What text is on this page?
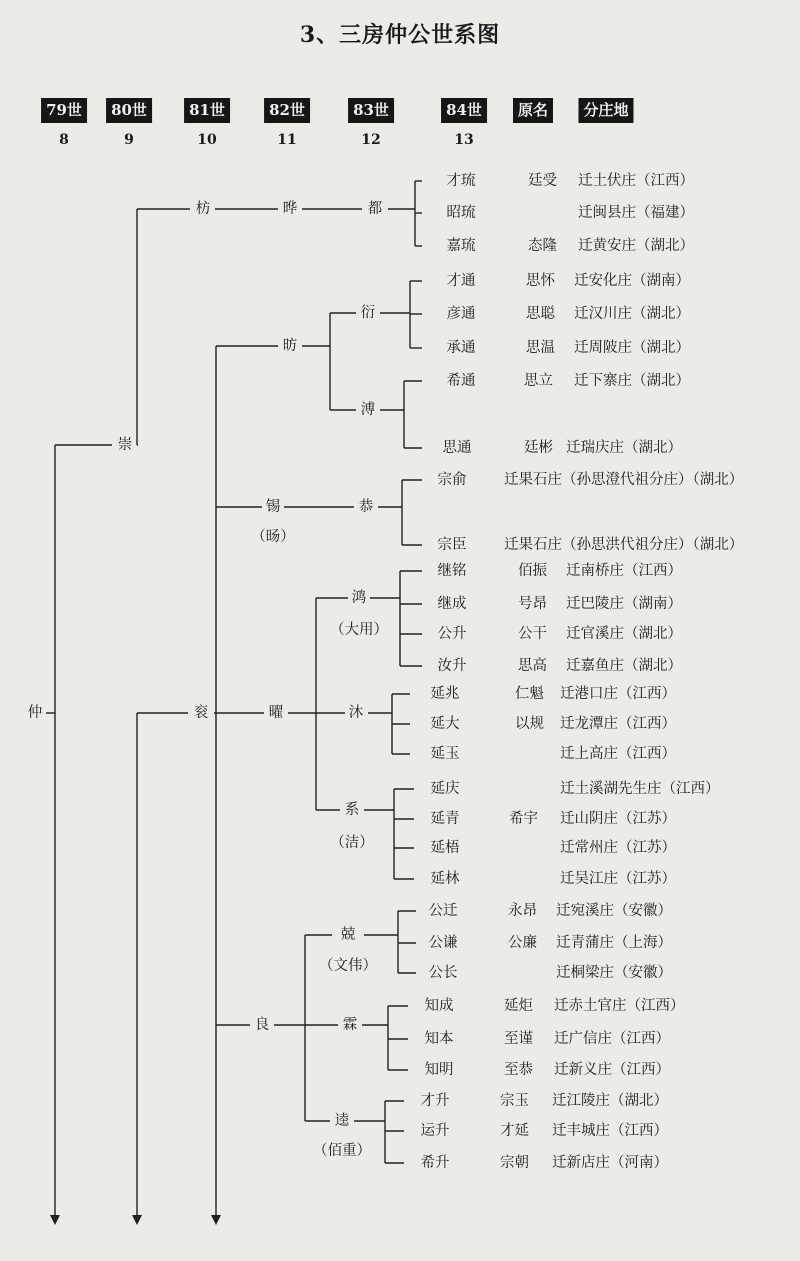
3、三房仲公世系图
79世
8
80世
9
81世
10
82世
11
83世
12
84世
13
原名	分庄地
仲
崇
衮
枋
昉
锡
（旸）
曜
良
晔	都
衍
溥
恭
鸿
（大用）
沐
系
（洁）
兢
（文伟）
霖
逵
（佰重）
才琉	廷受 迁土伏庄（江西）
昭琉	迁闽县庄（福建）
嘉琉	态隆 迁黄安庄（湖北）
才通	思怀 迁安化庄（湖南）
彦通	思聪 迁汉川庄（湖北）
承通	思温 迁周陂庄（湖北）
希通	思立 迁下寨庄（湖北）
思通	廷彬 迁瑞庆庄（湖北）
宗俞	迁果石庄（孙思澄代祖分庄）（湖北）
宗臣	迁果石庄（孙思洪代祖分庄）（湖北）
继铭	佰振 迁南桥庄（江西）
继成	号昂 迁巴陵庄（湖南）
公升	公干 迁官溪庄（湖北）
汝升	思高 迁嘉鱼庄（湖北）
延兆	仁魁 迁港口庄（江西）
延大	以规 迁龙潭庄（江西）
延玉	迁上高庄（江西）
延庆	迁土溪湖先生庄（江西）
延青	希宇 迁山阴庄（江苏）
延梧	迁常州庄（江苏）
延林	迁吴江庄（江苏）
公迁	永昂 迁宛溪庄（安徽）
公谦	公廉 迁青蒲庄（上海）
公长	迁桐梁庄（安徽）
知成	延炬 迁赤土官庄（江西）
知本	至谨 迁广信庄（江西）
知明	至恭 迁新义庄（江西）
才升	宗玉 迁江陵庄（湖北）
运升	才延 迁丰城庄（江西）
希升	宗朝 迁新店庄（河南）
